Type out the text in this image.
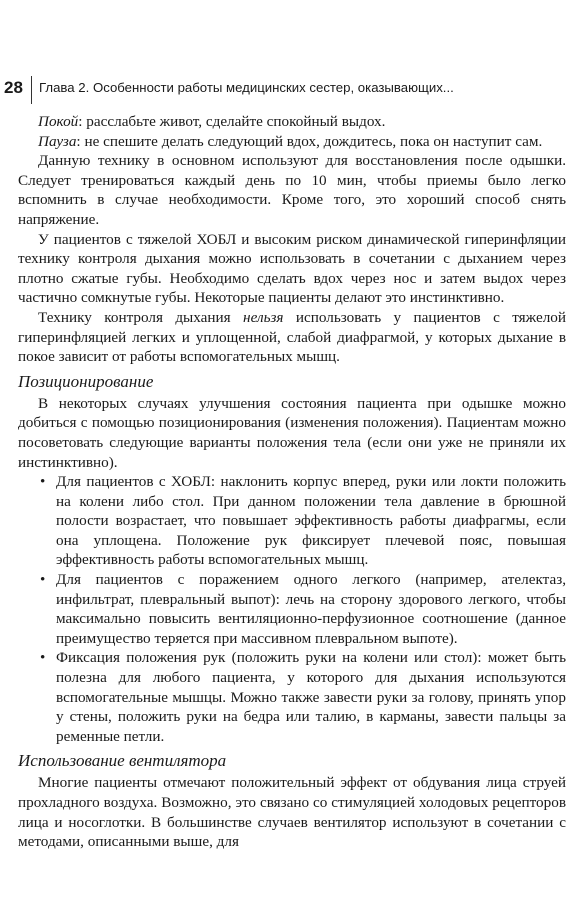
28 Глава 2. Особенности работы медицинских сестер, оказывающих...

Покой: расслабьте живот, сделайте спокойный выдох.

Пауза: не спешите делать следующий вдох, дождитесь, пока он наступит сам.

Данную технику в основном используют для восстановления после одышки. Следует тренироваться каждый день по 10 мин, чтобы приемы было легко вспомнить в случае необходимости. Кроме того, это хороший способ снять напряжение.

У пациентов с тяжелой ХОБЛ и высоким риском динамической гиперинфляции технику контроля дыхания можно использовать в сочетании с дыханием через плотно сжатые губы. Необходимо сделать вдох через нос и затем выдох через частично сомкнутые губы. Некоторые пациенты делают это инстинктивно.

Технику контроля дыхания нельзя использовать у пациентов с тяжелой гиперинфляцией легких и уплощенной, слабой диафрагмой, у которых дыхание в покое зависит от работы вспомогательных мышц.

Позиционирование

В некоторых случаях улучшения состояния пациента при одышке можно добиться с помощью позиционирования (изменения положения). Пациентам можно посоветовать следующие варианты положения тела (если они уже не приняли их инстинктивно).

• Для пациентов с ХОБЛ: наклонить корпус вперед, руки или локти положить на колени либо стол. При данном положении тела давление в брюшной полости возрастает, что повышает эффективность работы диафрагмы, если она уплощена. Положение рук фиксирует плечевой пояс, повышая эффективность работы вспомогательных мышц.
• Для пациентов с поражением одного легкого (например, ателектаз, инфильтрат, плевральный выпот): лечь на сторону здорового легкого, чтобы максимально повысить вентиляционно-перфузионное соотношение (данное преимущество теряется при массивном плевральном выпоте).
• Фиксация положения рук (положить руки на колени или стол): может быть полезна для любого пациента, у которого для дыхания используются вспомогательные мышцы. Можно также завести руки за голову, принять упор у стены, положить руки на бедра или талию, в карманы, завести пальцы за ременные петли.
Использование вентилятора

Многие пациенты отмечают положительный эффект от обдувания лица струей прохладного воздуха. Возможно, это связано со стимуляцией холодовых рецепторов лица и носоглотки. В большинстве случаев вентилятор используют в сочетании с методами, описанными выше, для
